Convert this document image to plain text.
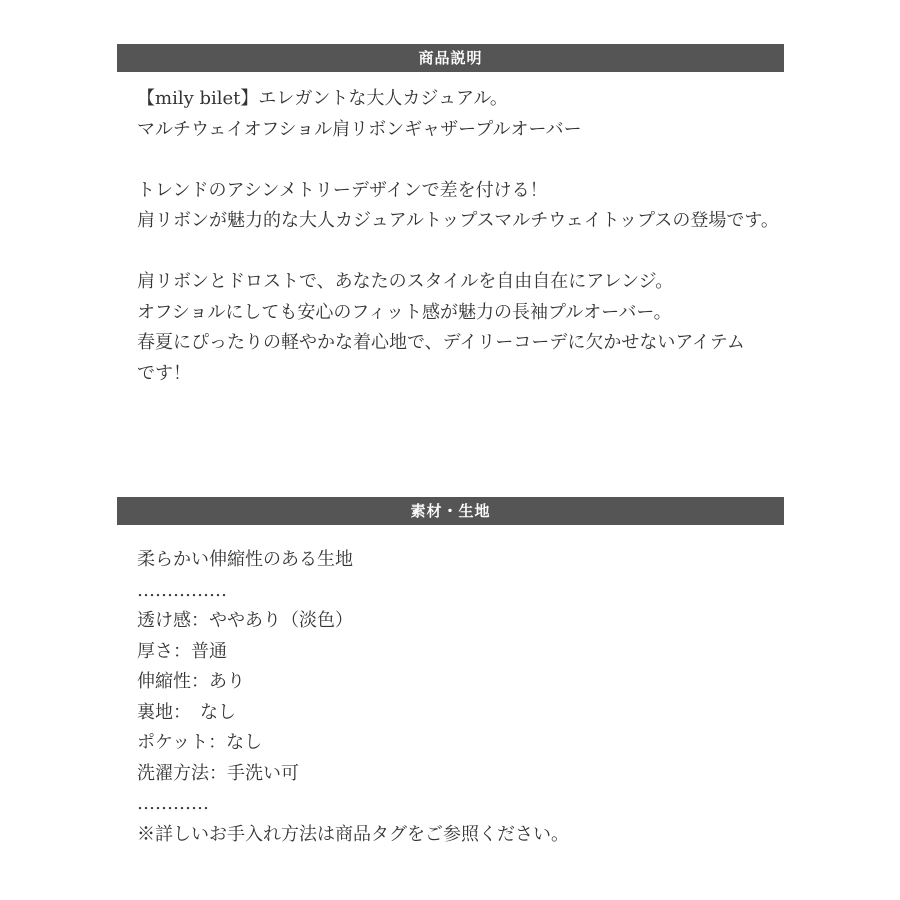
商品説明
【mily bilet】エレガントな大人カジュアル。
マルチウェイオフショル肩リボンギャザープルオーバー
トレンドのアシンメトリーデザインで差を付ける！
肩リボンが魅力的な大人カジュアルトップスマルチウェイトップスの登場です。
肩リボンとドロストで、あなたのスタイルを自由自在にアレンジ。
オフショルにしても安心のフィット感が魅力の長袖プルオーバー。
春夏にぴったりの軽やかな着心地で、デイリーコーデに欠かせないアイテム
です！
素材・生地
柔らかい伸縮性のある生地
……………
透け感：ややあり（淡色）
厚さ：普通
伸縮性：あり
裏地：　なし
ポケット：なし
洗濯方法：手洗い可
…………
※詳しいお手入れ方法は商品タグをご参照ください。
